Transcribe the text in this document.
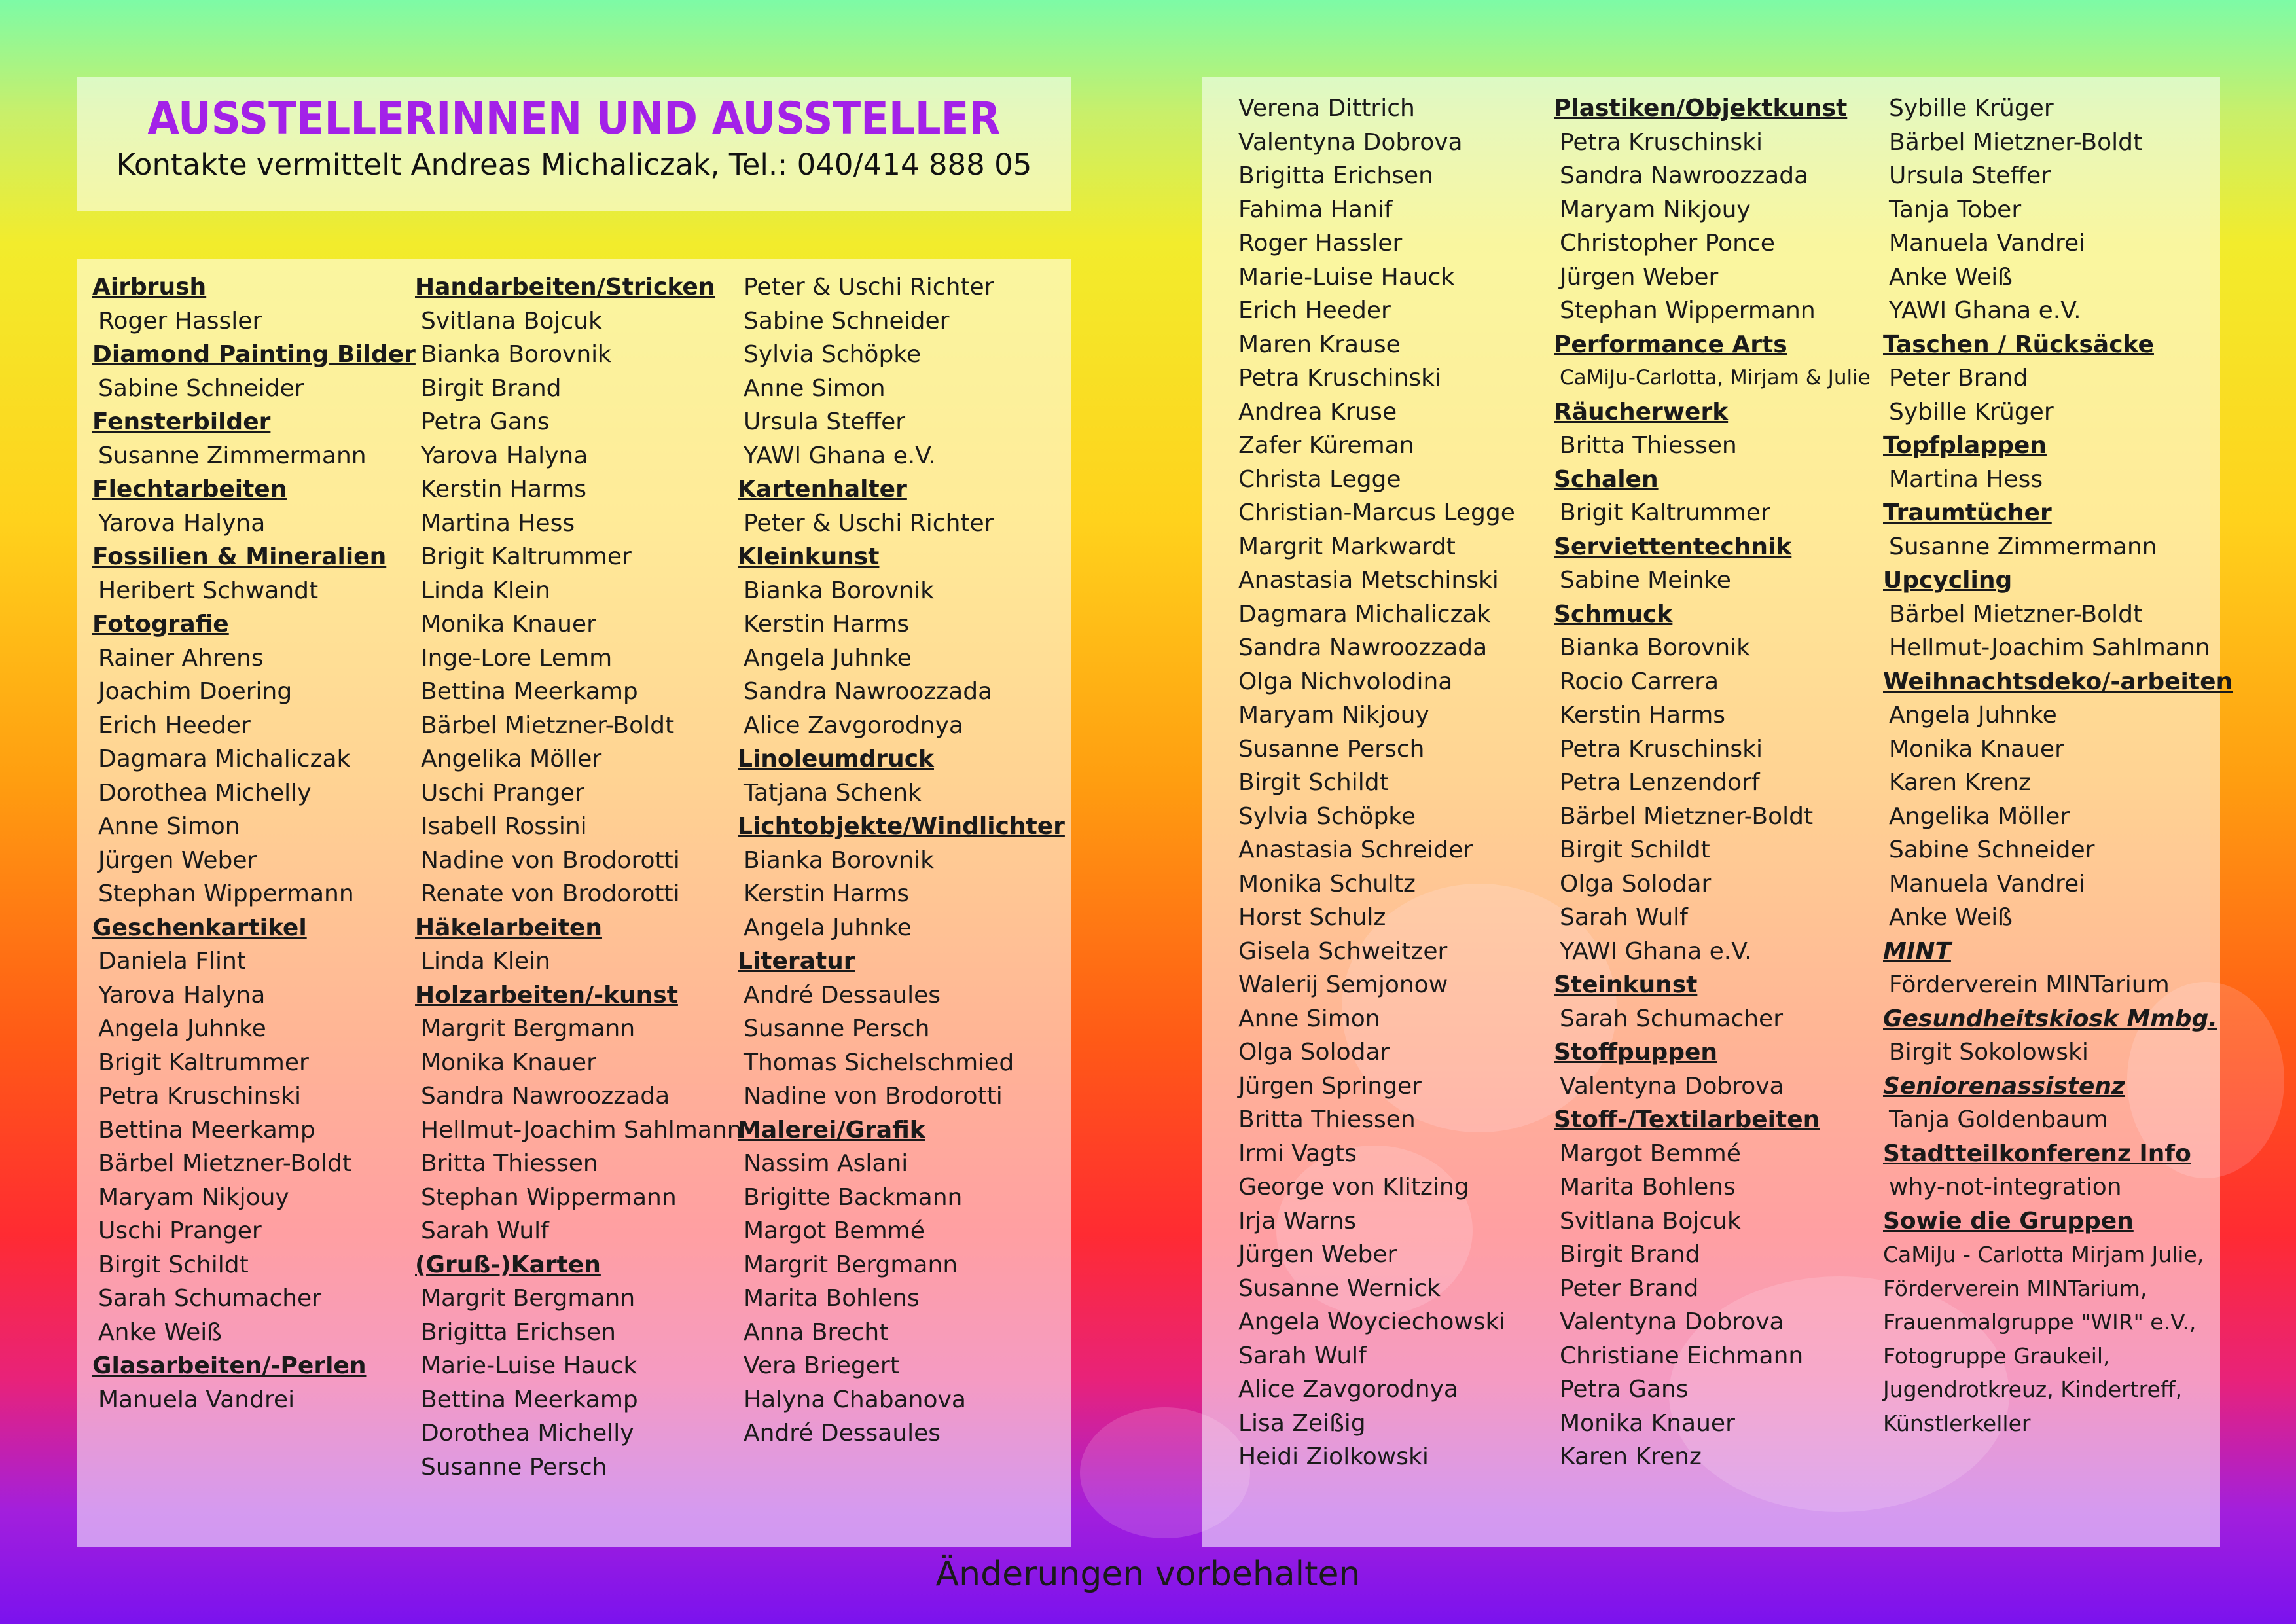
AUSSTELLERINNEN UND AUSSTELLER
Kontakte vermittelt Andreas Michaliczak, Tel.: 040/414 888 05
Airbrush
Roger Hassler
Diamond Painting Bilder
Sabine Schneider
Fensterbilder
Susanne Zimmermann
Flechtarbeiten
Yarova Halyna
Fossilien & Mineralien
Heribert Schwandt
Fotografie
Rainer Ahrens
Joachim Doering
Erich Heeder
Dagmara Michaliczak
Dorothea Michelly
Anne Simon
Jürgen Weber
Stephan Wippermann
Geschenkartikel
Daniela Flint
Yarova Halyna
Angela Juhnke
Brigit Kaltrummer
Petra Kruschinski
Bettina Meerkamp
Bärbel Mietzner-Boldt
Maryam Nikjouy
Uschi Pranger
Birgit Schildt
Sarah Schumacher
Anke Weiß
Glasarbeiten/-Perlen
Manuela Vandrei
Handarbeiten/Stricken
Svitlana Bojcuk
Bianka Borovnik
Birgit Brand
Petra Gans
Yarova Halyna
Kerstin Harms
Martina Hess
Brigit Kaltrummer
Linda Klein
Monika Knauer
Inge-Lore Lemm
Bettina Meerkamp
Bärbel Mietzner-Boldt
Angelika Möller
Uschi Pranger
Isabell Rossini
Nadine von Brodorotti
Renate von Brodorotti
Häkelarbeiten
Linda Klein
Holzarbeiten/-kunst
Margrit Bergmann
Monika Knauer
Sandra Nawroozzada
Hellmut-Joachim Sahlmann
Britta Thiessen
Stephan Wippermann
Sarah Wulf
(Gruß-)Karten
Margrit Bergmann
Brigitta Erichsen
Marie-Luise Hauck
Bettina Meerkamp
Dorothea Michelly
Susanne Persch
Peter & Uschi Richter
Sabine Schneider
Sylvia Schöpke
Anne Simon
Ursula Steffer
YAWI Ghana e.V.
Kartenhalter
Peter & Uschi Richter
Kleinkunst
Bianka Borovnik
Kerstin Harms
Angela Juhnke
Sandra Nawroozzada
Alice Zavgorodnya
Linoleumdruck
Tatjana Schenk
Lichtobjekte/Windlichter
Bianka Borovnik
Kerstin Harms
Angela Juhnke
Literatur
André Dessaules
Susanne Persch
Thomas Sichelschmied
Nadine von Brodorotti
Malerei/Grafik
Nassim Aslani
Brigitte Backmann
Margot Bemmé
Margrit Bergmann
Marita Bohlens
Anna Brecht
Vera Briegert
Halyna Chabanova
André Dessaules
Verena Dittrich
Valentyna Dobrova
Brigitta Erichsen
Fahima Hanif
Roger Hassler
Marie-Luise Hauck
Erich Heeder
Maren Krause
Petra Kruschinski
Andrea Kruse
Zafer Küreman
Christa Legge
Christian-Marcus Legge
Margrit Markwardt
Anastasia Metschinski
Dagmara Michaliczak
Sandra Nawroozzada
Olga Nichvolodina
Maryam Nikjouy
Susanne Persch
Birgit Schildt
Sylvia Schöpke
Anastasia Schreider
Monika Schultz
Horst Schulz
Gisela Schweitzer
Walerij Semjonow
Anne Simon
Olga Solodar
Jürgen Springer
Britta Thiessen
Irmi Vagts
George von Klitzing
Irja Warns
Jürgen Weber
Susanne Wernick
Angela Woyciechowski
Sarah Wulf
Alice Zavgorodnya
Lisa Zeißig
Heidi Ziolkowski
Plastiken/Objektkunst
Petra Kruschinski
Sandra Nawroozzada
Maryam Nikjouy
Christopher Ponce
Jürgen Weber
Stephan Wippermann
Performance Arts
CaMiJu-Carlotta, Mirjam & Julie
Räucherwerk
Britta Thiessen
Schalen
Brigit Kaltrummer
Serviettentechnik
Sabine Meinke
Schmuck
Bianka Borovnik
Rocio Carrera
Kerstin Harms
Petra Kruschinski
Petra Lenzendorf
Bärbel Mietzner-Boldt
Birgit Schildt
Olga Solodar
Sarah Wulf
YAWI Ghana e.V.
Steinkunst
Sarah Schumacher
Stoffpuppen
Valentyna Dobrova
Stoff-/Textilarbeiten
Margot Bemmé
Marita Bohlens
Svitlana Bojcuk
Birgit Brand
Peter Brand
Valentyna Dobrova
Christiane Eichmann
Petra Gans
Monika Knauer
Karen Krenz
Sybille Krüger
Bärbel Mietzner-Boldt
Ursula Steffer
Tanja Tober
Manuela Vandrei
Anke Weiß
YAWI Ghana e.V.
Taschen / Rücksäcke
Peter Brand
Sybille Krüger
Topfplappen
Martina Hess
Traumtücher
Susanne Zimmermann
Upcycling
Bärbel Mietzner-Boldt
Hellmut-Joachim Sahlmann
Weihnachtsdeko/-arbeiten
Angela Juhnke
Monika Knauer
Karen Krenz
Angelika Möller
Sabine Schneider
Manuela Vandrei
Anke Weiß
MINT
Förderverein MINTarium
Gesundheitskiosk Mmbg.
Birgit Sokolowski
Seniorenassistenz
Tanja Goldenbaum
Stadtteilkonferenz Info
why-not-integration
Sowie die Gruppen
CaMiJu - Carlotta Mirjam Julie,
Förderverein MINTarium,
Frauenmalgruppe "WIR" e.V.,
Fotogruppe Graukeil,
Jugendrotkreuz, Kindertreff,
Künstlerkeller
Änderungen vorbehalten
